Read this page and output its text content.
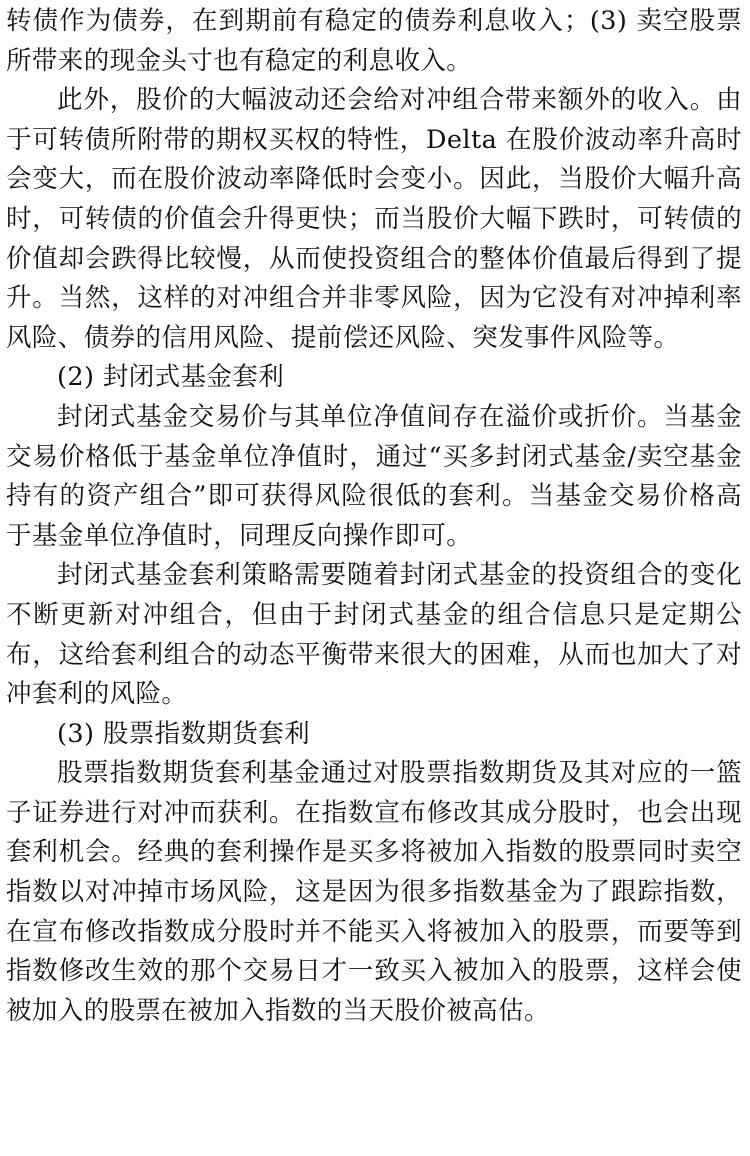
转债作为债券，在到期前有稳定的债券利息收入；(3) 卖空股票所带来的现金头寸也有稳定的利息收入。

此外，股价的大幅波动还会给对冲组合带来额外的收入。由于可转债所附带的期权买权的特性，Delta 在股价波动率升高时会变大，而在股价波动率降低时会变小。因此，当股价大幅升高时，可转债的价值会升得更快；而当股价大幅下跌时，可转债的价值却会跌得比较慢，从而使投资组合的整体价值最后得到了提升。当然，这样的对冲组合并非零风险，因为它没有对冲掉利率风险、债券的信用风险、提前偿还风险、突发事件风险等。

(2) 封闭式基金套利

封闭式基金交易价与其单位净值间存在溢价或折价。当基金交易价格低于基金单位净值时，通过“买多封闭式基金/卖空基金持有的资产组合”即可获得风险很低的套利。当基金交易价格高于基金单位净值时，同理反向操作即可。

封闭式基金套利策略需要随着封闭式基金的投资组合的变化不断更新对冲组合，但由于封闭式基金的组合信息只是定期公布，这给套利组合的动态平衡带来很大的困难，从而也加大了对冲套利的风险。

(3) 股票指数期货套利

股票指数期货套利基金通过对股票指数期货及其对应的一篮子证券进行对冲而获利。在指数宣布修改其成分股时，也会出现套利机会。经典的套利操作是买多将被加入指数的股票同时卖空指数以对冲掉市场风险，这是因为很多指数基金为了跟踪指数，在宣布修改指数成分股时并不能买入将被加入的股票，而要等到指数修改生效的那个交易日才一致买入被加入的股票，这样会使被加入的股票在被加入指数的当天股价被高估。
